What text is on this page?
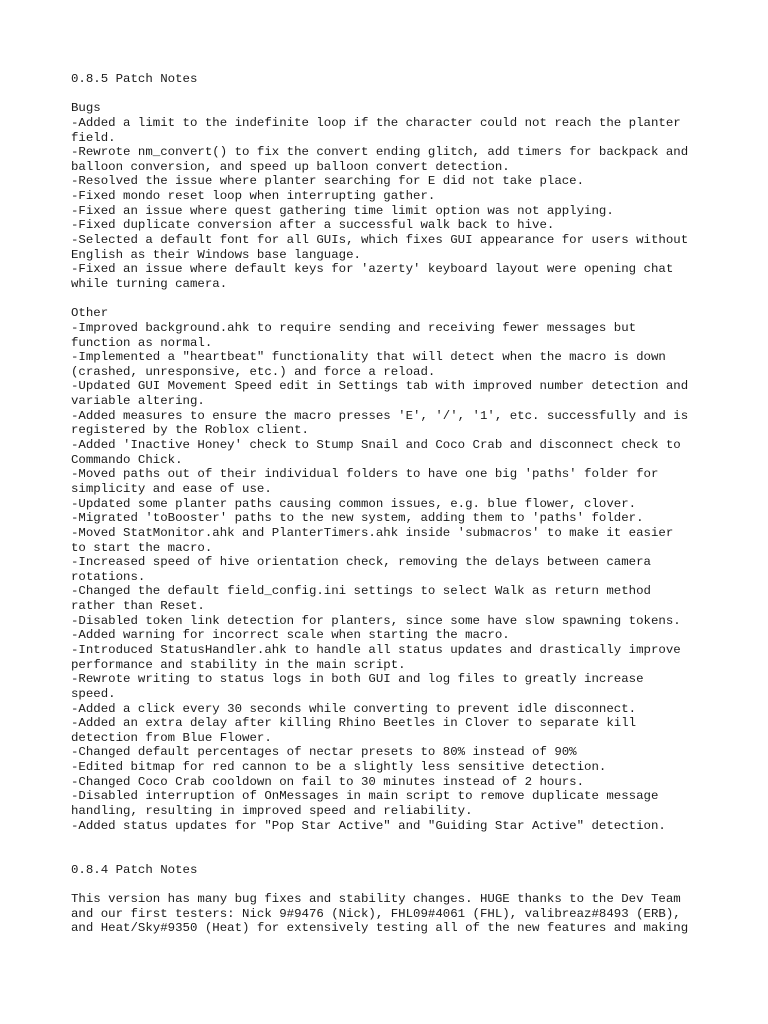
0.8.5 Patch Notes
Bugs
-Added a limit to the indefinite loop if the character could not reach the planter
field.
-Rewrote nm_convert() to fix the convert ending glitch, add timers for backpack and
balloon conversion, and speed up balloon convert detection.
-Resolved the issue where planter searching for E did not take place.
-Fixed mondo reset loop when interrupting gather.
-Fixed an issue where quest gathering time limit option was not applying.
-Fixed duplicate conversion after a successful walk back to hive.
-Selected a default font for all GUIs, which fixes GUI appearance for users without
English as their Windows base language.
-Fixed an issue where default keys for 'azerty' keyboard layout were opening chat
while turning camera.
Other
-Improved background.ahk to require sending and receiving fewer messages but
function as normal.
-Implemented a "heartbeat" functionality that will detect when the macro is down
(crashed, unresponsive, etc.) and force a reload.
-Updated GUI Movement Speed edit in Settings tab with improved number detection and
variable altering.
-Added measures to ensure the macro presses 'E', '/', '1', etc. successfully and is
registered by the Roblox client.
-Added 'Inactive Honey' check to Stump Snail and Coco Crab and disconnect check to
Commando Chick.
-Moved paths out of their individual folders to have one big 'paths' folder for
simplicity and ease of use.
-Updated some planter paths causing common issues, e.g. blue flower, clover.
-Migrated 'toBooster' paths to the new system, adding them to 'paths' folder.
-Moved StatMonitor.ahk and PlanterTimers.ahk inside 'submacros' to make it easier
to start the macro.
-Increased speed of hive orientation check, removing the delays between camera
rotations.
-Changed the default field_config.ini settings to select Walk as return method
rather than Reset.
-Disabled token link detection for planters, since some have slow spawning tokens.
-Added warning for incorrect scale when starting the macro.
-Introduced StatusHandler.ahk to handle all status updates and drastically improve
performance and stability in the main script.
-Rewrote writing to status logs in both GUI and log files to greatly increase
speed.
-Added a click every 30 seconds while converting to prevent idle disconnect.
-Added an extra delay after killing Rhino Beetles in Clover to separate kill
detection from Blue Flower.
-Changed default percentages of nectar presets to 80% instead of 90%
-Edited bitmap for red cannon to be a slightly less sensitive detection.
-Changed Coco Crab cooldown on fail to 30 minutes instead of 2 hours.
-Disabled interruption of OnMessages in main script to remove duplicate message
handling, resulting in improved speed and reliability.
-Added status updates for "Pop Star Active" and "Guiding Star Active" detection.
0.8.4 Patch Notes
This version has many bug fixes and stability changes. HUGE thanks to the Dev Team
and our first testers: Nick 9#9476 (Nick), FHL09#4061 (FHL), valibreaz#8493 (ERB),
and Heat/Sky#9350 (Heat) for extensively testing all of the new features and making
